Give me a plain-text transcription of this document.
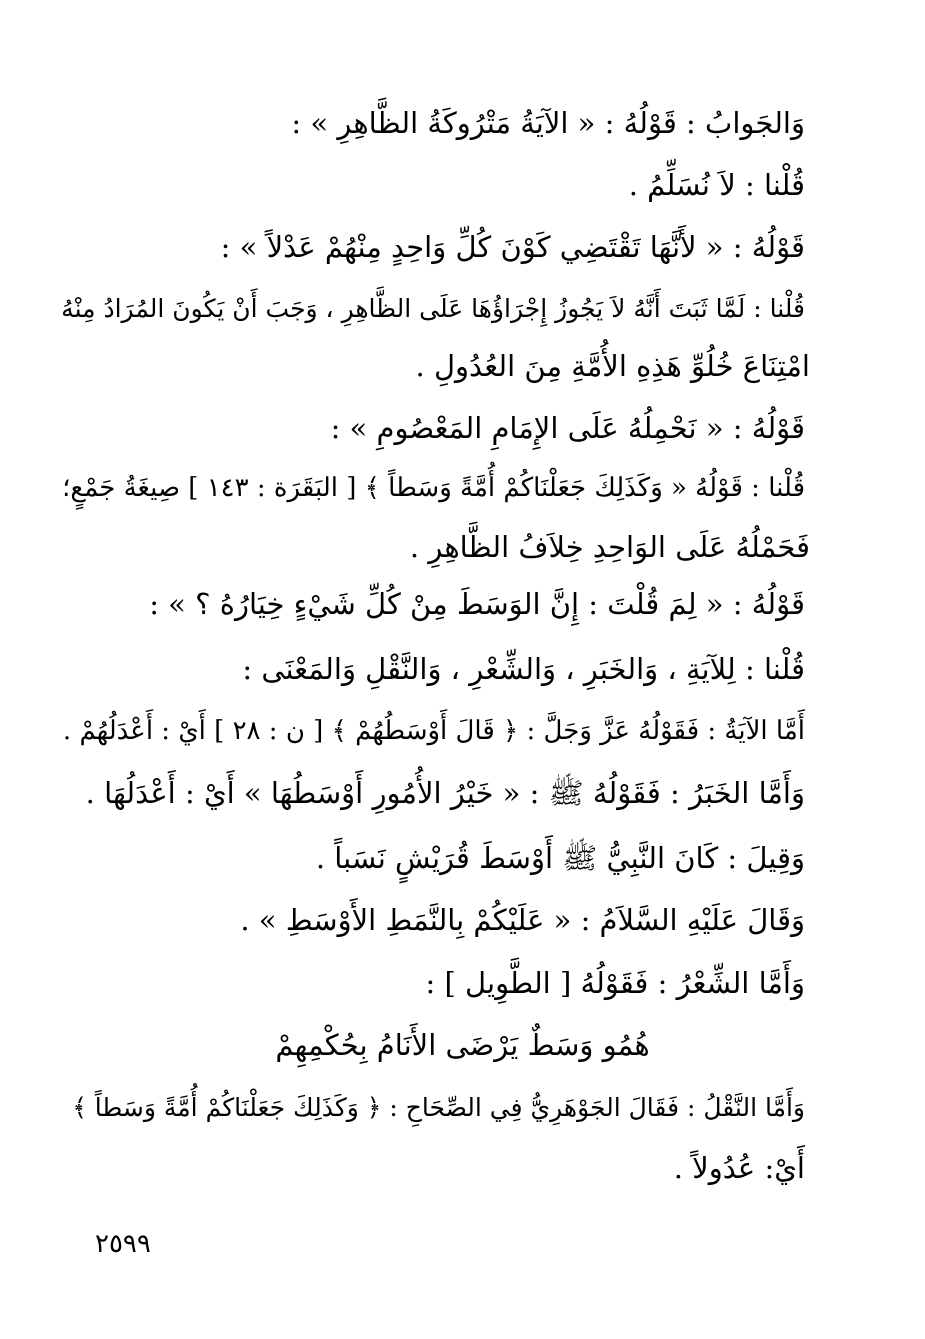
وَالجَوابُ : قَوْلُهُ : « الآيَةُ مَتْرُوكَةُ الظَّاهِرِ » :
قُلْنا : لاَ نُسَلِّمُ .
قَوْلُهُ : « لأَنَّهَا تَقْتَضِي كَوْنَ كُلِّ وَاحِدٍ مِنْهُمْ عَدْلاً » :
قُلْنا : لَمَّا ثَبَتَ أَنَّهُ لاَ يَجُوزُ إِجْرَاؤُهَا عَلَى الظَّاهِرِ ، وَجَبَ أَنْ يَكُونَ المُرَادُ مِنْهُ
امْتِنَاعَ خُلُوِّ هَذِهِ الأُمَّةِ مِنَ العُدُولِ .
قَوْلُهُ : « نَحْمِلُهُ عَلَى الإِمَامِ المَعْصُومِ » :
قُلْنا : قَوْلُهُ « وَكَذَلِكَ جَعَلْنَاكُمْ أُمَّةً وَسَطاً ﴾ [ البَقَرَة : ١٤٣ ] صِيغَةُ جَمْعٍ؛
فَحَمْلُهُ عَلَى الوَاحِدِ خِلاَفُ الظَّاهِرِ .
قَوْلُهُ : « لِمَ قُلْتَ : إِنَّ الوَسَطَ مِنْ كُلِّ شَيْءٍ خِيَارُهُ ؟ » :
قُلْنا : لِلآيَةِ ، وَالخَبَرِ ، وَالشِّعْرِ ، وَالنَّقْلِ وَالمَعْنَى :
أَمَّا الآيَةُ : فَقَوْلُهُ عَزَّ وَجَلَّ : ﴿ قَالَ أَوْسَطُهُمْ ﴾ [ ن : ٢٨ ] أَيْ : أَعْدَلُهُمْ .
وَأَمَّا الخَبَرُ : فَقَوْلُهُ ﷺ : « خَيْرُ الأُمُورِ أَوْسَطُهَا » أَيْ : أَعْدَلُهَا .
وَقِيلَ : كَانَ النَّبِيُّ ﷺ أَوْسَطَ قُرَيْشٍ نَسَباً .
وَقَالَ عَلَيْهِ السَّلاَمُ : « عَلَيْكُمْ بِالنَّمَطِ الأَوْسَطِ » .
وَأَمَّا الشِّعْرُ : فَقَوْلُهُ [ الطَّوِيل ] :
هُمُو وَسَطٌ يَرْضَى الأَنَامُ بِحُكْمِهِمْ
وَأَمَّا النَّقْلُ : فَقَالَ الجَوْهَرِيُّ فِي الصِّحَاحِ : ﴿ وَكَذَلِكَ جَعَلْنَاكُمْ أُمَّةً وَسَطاً ﴾
أَيْ: عُدُولاً .
٢٥٩٩
